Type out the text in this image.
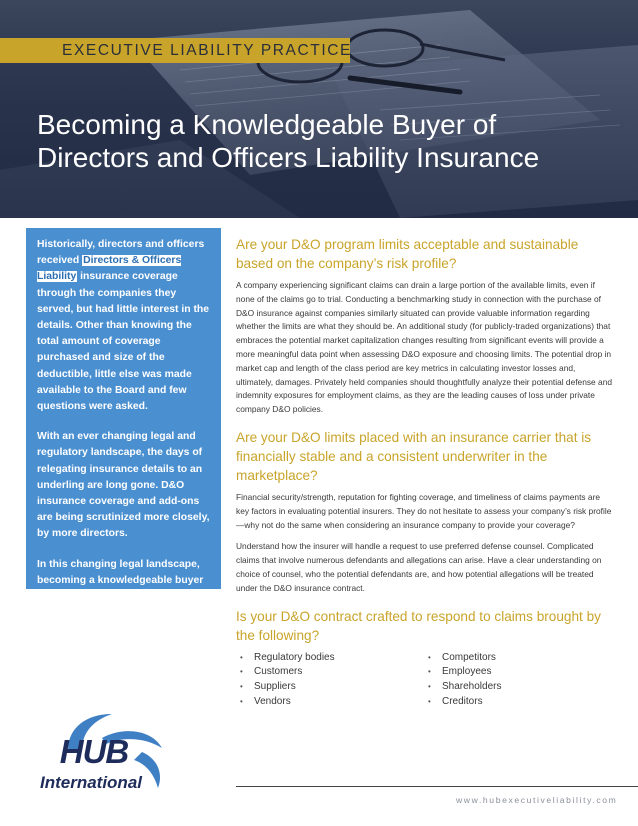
EXECUTIVE LIABILITY PRACTICE
Becoming a Knowledgeable Buyer of
Directors and Officers Liability Insurance

Historically, directors and officers received Directors & Officers Liability insurance coverage through the companies they served, but had little interest in the details. Other than knowing the total amount of coverage purchased and size of the deductible, little else was made available to the Board and few questions were asked.

With an ever changing legal and regulatory landscape, the days of relegating insurance details to an underling are long gone. D&O insurance coverage and add-ons are being scrutinized more closely, by more directors.

In this changing legal landscape, becoming a knowledgeable buyer of D&O insurance is crucial.

Are your D&O program limits acceptable and sustainable based on the company’s risk profile?

A company experiencing significant claims can drain a large portion of the available limits, even if none of the claims go to trial. Conducting a benchmarking study in connection with the purchase of D&O insurance against companies similarly situated can provide valuable information regarding whether the limits are what they should be. An additional study (for publicly-traded organizations) that embraces the potential market capitalization changes resulting from significant events will provide a more meaningful data point when assessing D&O exposure and choosing limits. The potential drop in market cap and length of the class period are key metrics in calculating investor losses and, ultimately, damages. Privately held companies should thoughtfully analyze their potential defense and indemnity exposures for employment claims, as they are the leading causes of loss under private company D&O policies.

Are your D&O limits placed with an insurance carrier that is financially stable and a consistent underwriter in the marketplace?

Financial security/strength, reputation for fighting coverage, and timeliness of claims payments are key factors in evaluating potential insurers. They do not hesitate to assess your company’s risk profile—why not do the same when considering an insurance company to provide your coverage?

Understand how the insurer will handle a request to use preferred defense counsel. Complicated claims that involve numerous defendants and allegations can arise. Have a clear understanding on choice of counsel, who the potential defendants are, and how potential allegations will be treated under the D&O insurance contract.

Is your D&O contract crafted to respond to claims brought by the following?
• Regulatory bodies
• Customers
• Suppliers
• Vendors
• Competitors
• Employees
• Shareholders
• Creditors
HUB
International
www.hubexecutiveliability.com
